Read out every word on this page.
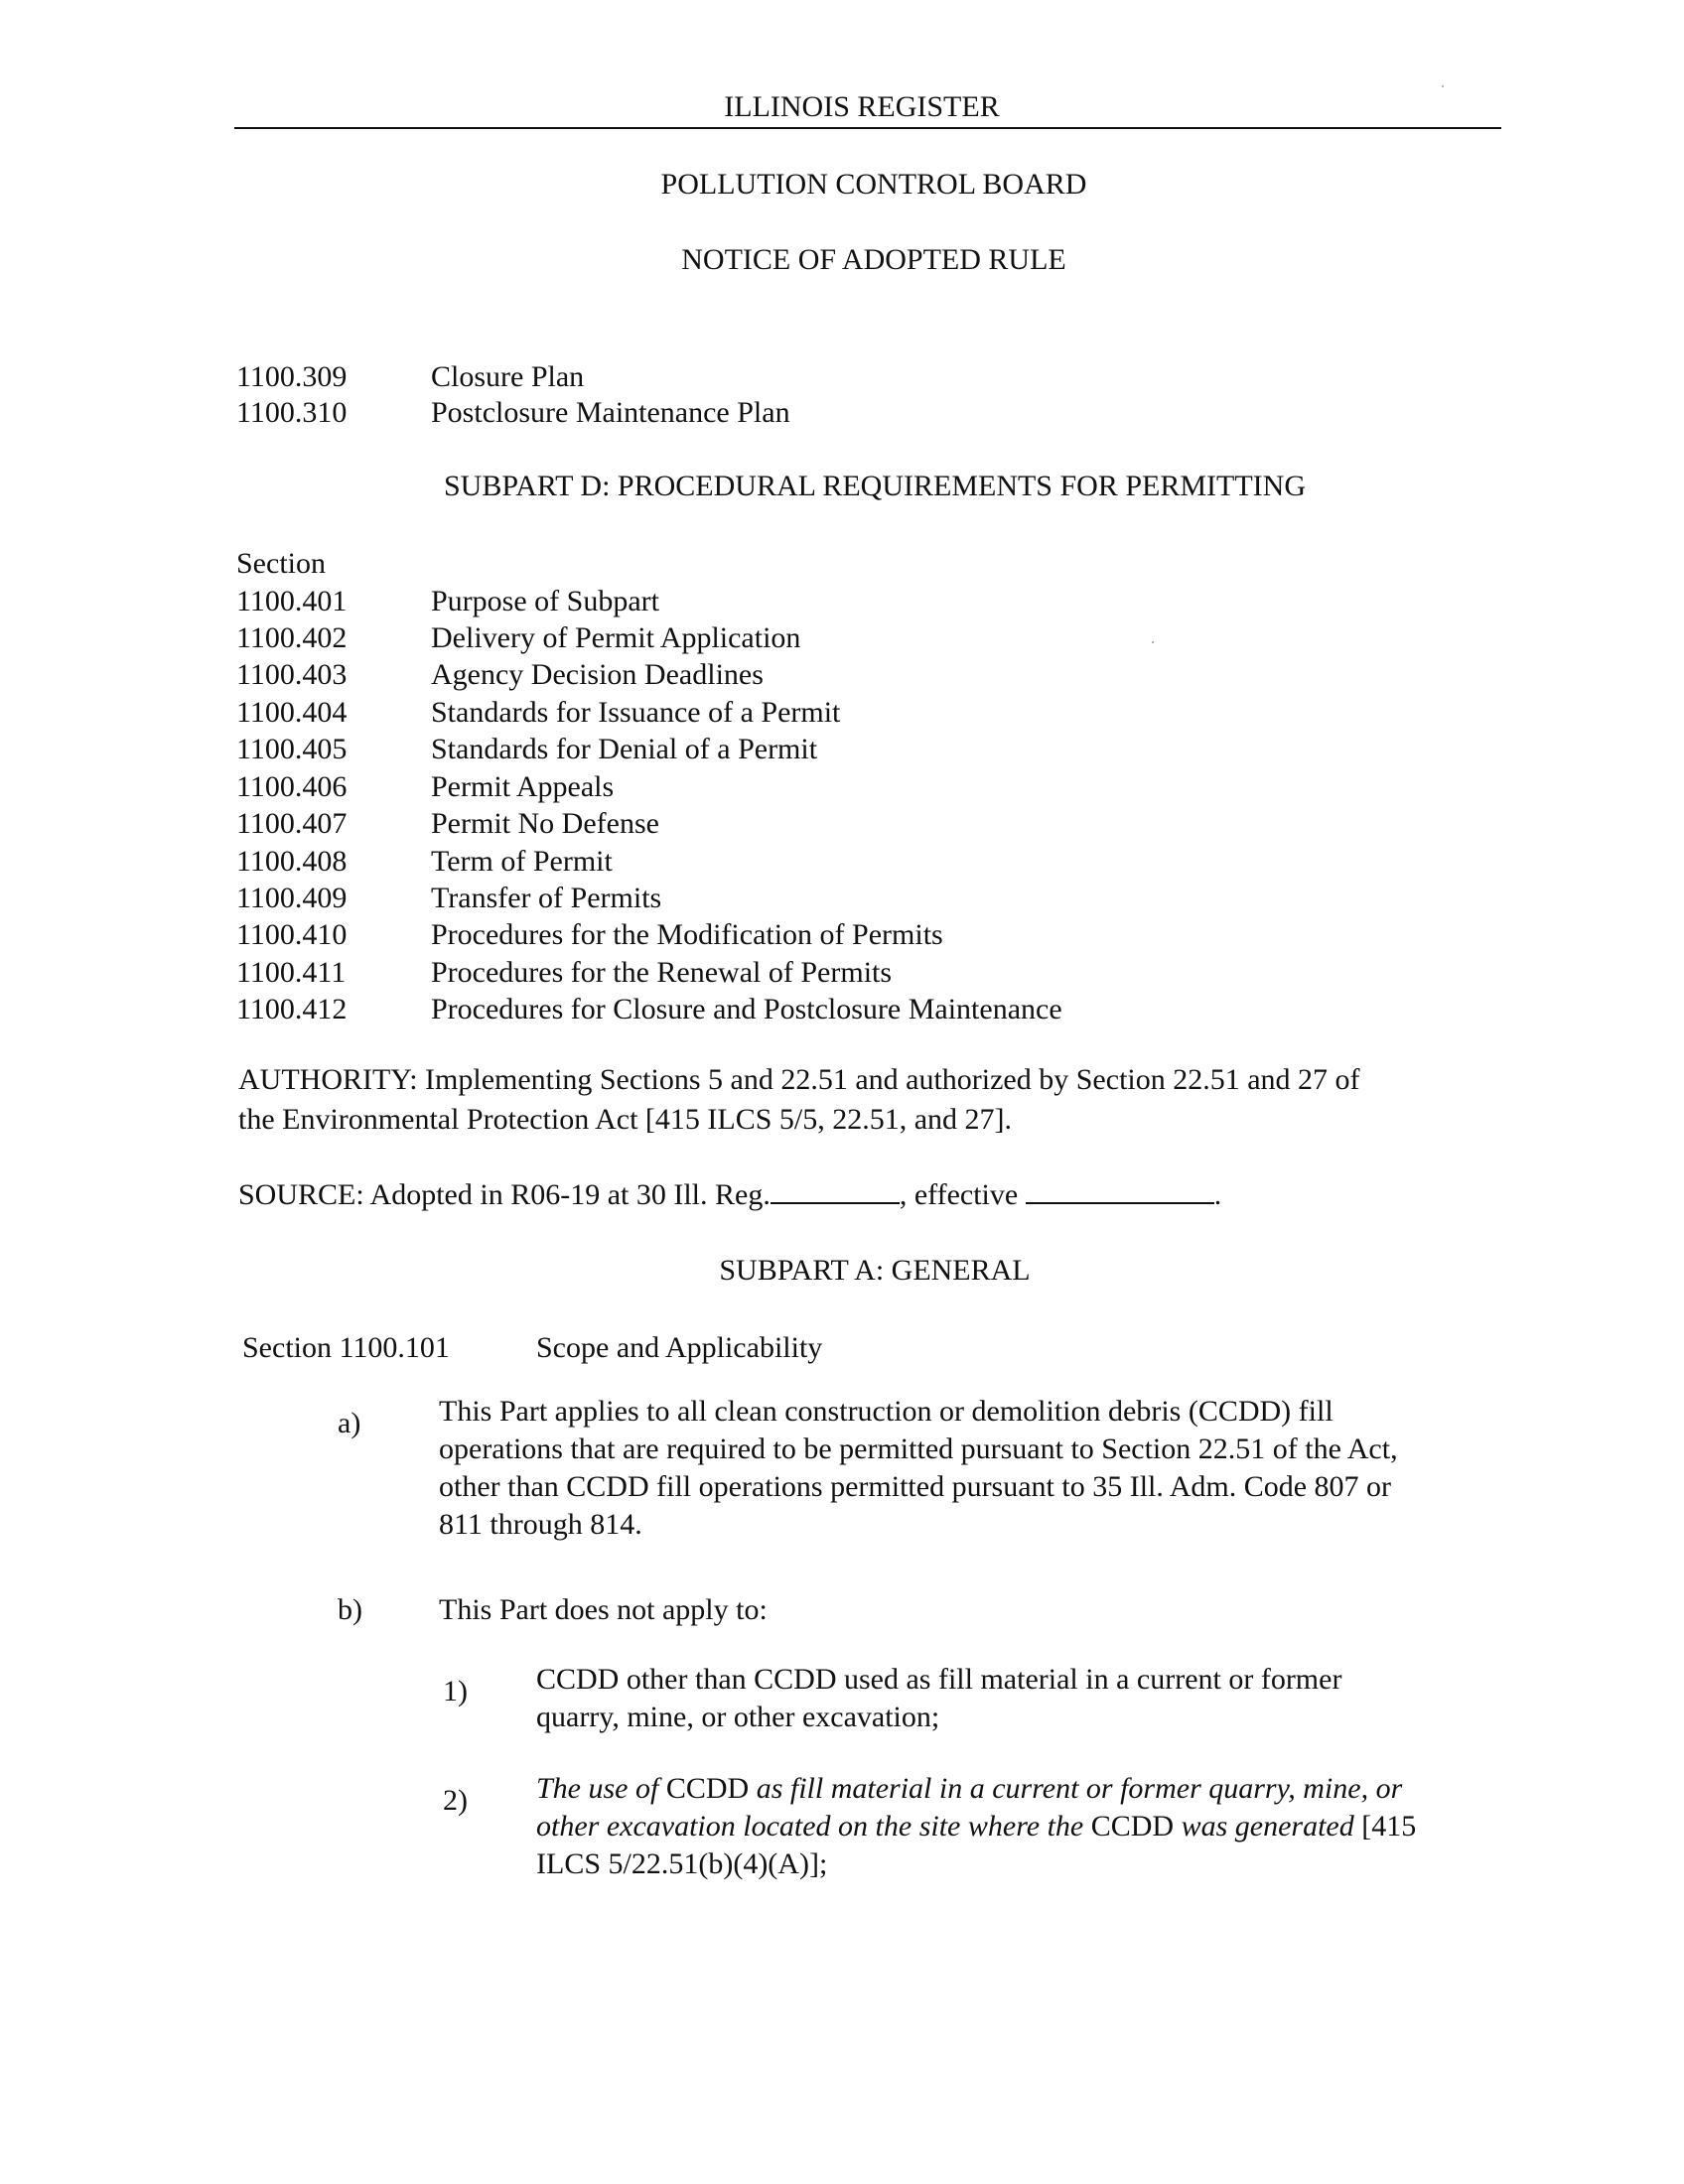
ILLINOIS REGISTER
POLLUTION CONTROL BOARD
NOTICE OF ADOPTED RULE
1100.309	Closure Plan
1100.310	Postclosure Maintenance Plan
SUBPART D: PROCEDURAL REQUIREMENTS FOR PERMITTING
Section
1100.401	Purpose of Subpart
1100.402	Delivery of Permit Application
1100.403	Agency Decision Deadlines
1100.404	Standards for Issuance of a Permit
1100.405	Standards for Denial of a Permit
1100.406	Permit Appeals
1100.407	Permit No Defense
1100.408	Term of Permit
1100.409	Transfer of Permits
1100.410	Procedures for the Modification of Permits
1100.411	Procedures for the Renewal of Permits
1100.412	Procedures for Closure and Postclosure Maintenance
AUTHORITY: Implementing Sections 5 and 22.51 and authorized by Section 22.51 and 27 of
the Environmental Protection Act [415 ILCS 5/5, 22.51, and 27].
SOURCE: Adopted in R06-19 at 30 Ill. Reg.	, effective	.
SUBPART A: GENERAL
Section 1100.101	Scope and Applicability
a)	This Part applies to all clean construction or demolition debris (CCDD) fill
operations that are required to be permitted pursuant to Section 22.51 of the Act,
other than CCDD fill operations permitted pursuant to 35 Ill. Adm. Code 807 or
811 through 814.
b)	This Part does not apply to:
1) CCDD other than CCDD used as fill material in a current or former
quarry, mine, or other excavation;
2) The use of CCDD as fill material in a current or former quarry, mine, or
other excavation located on the site where the CCDD was generated [415
ILCS 5/22.51(b)(4)(A)];
